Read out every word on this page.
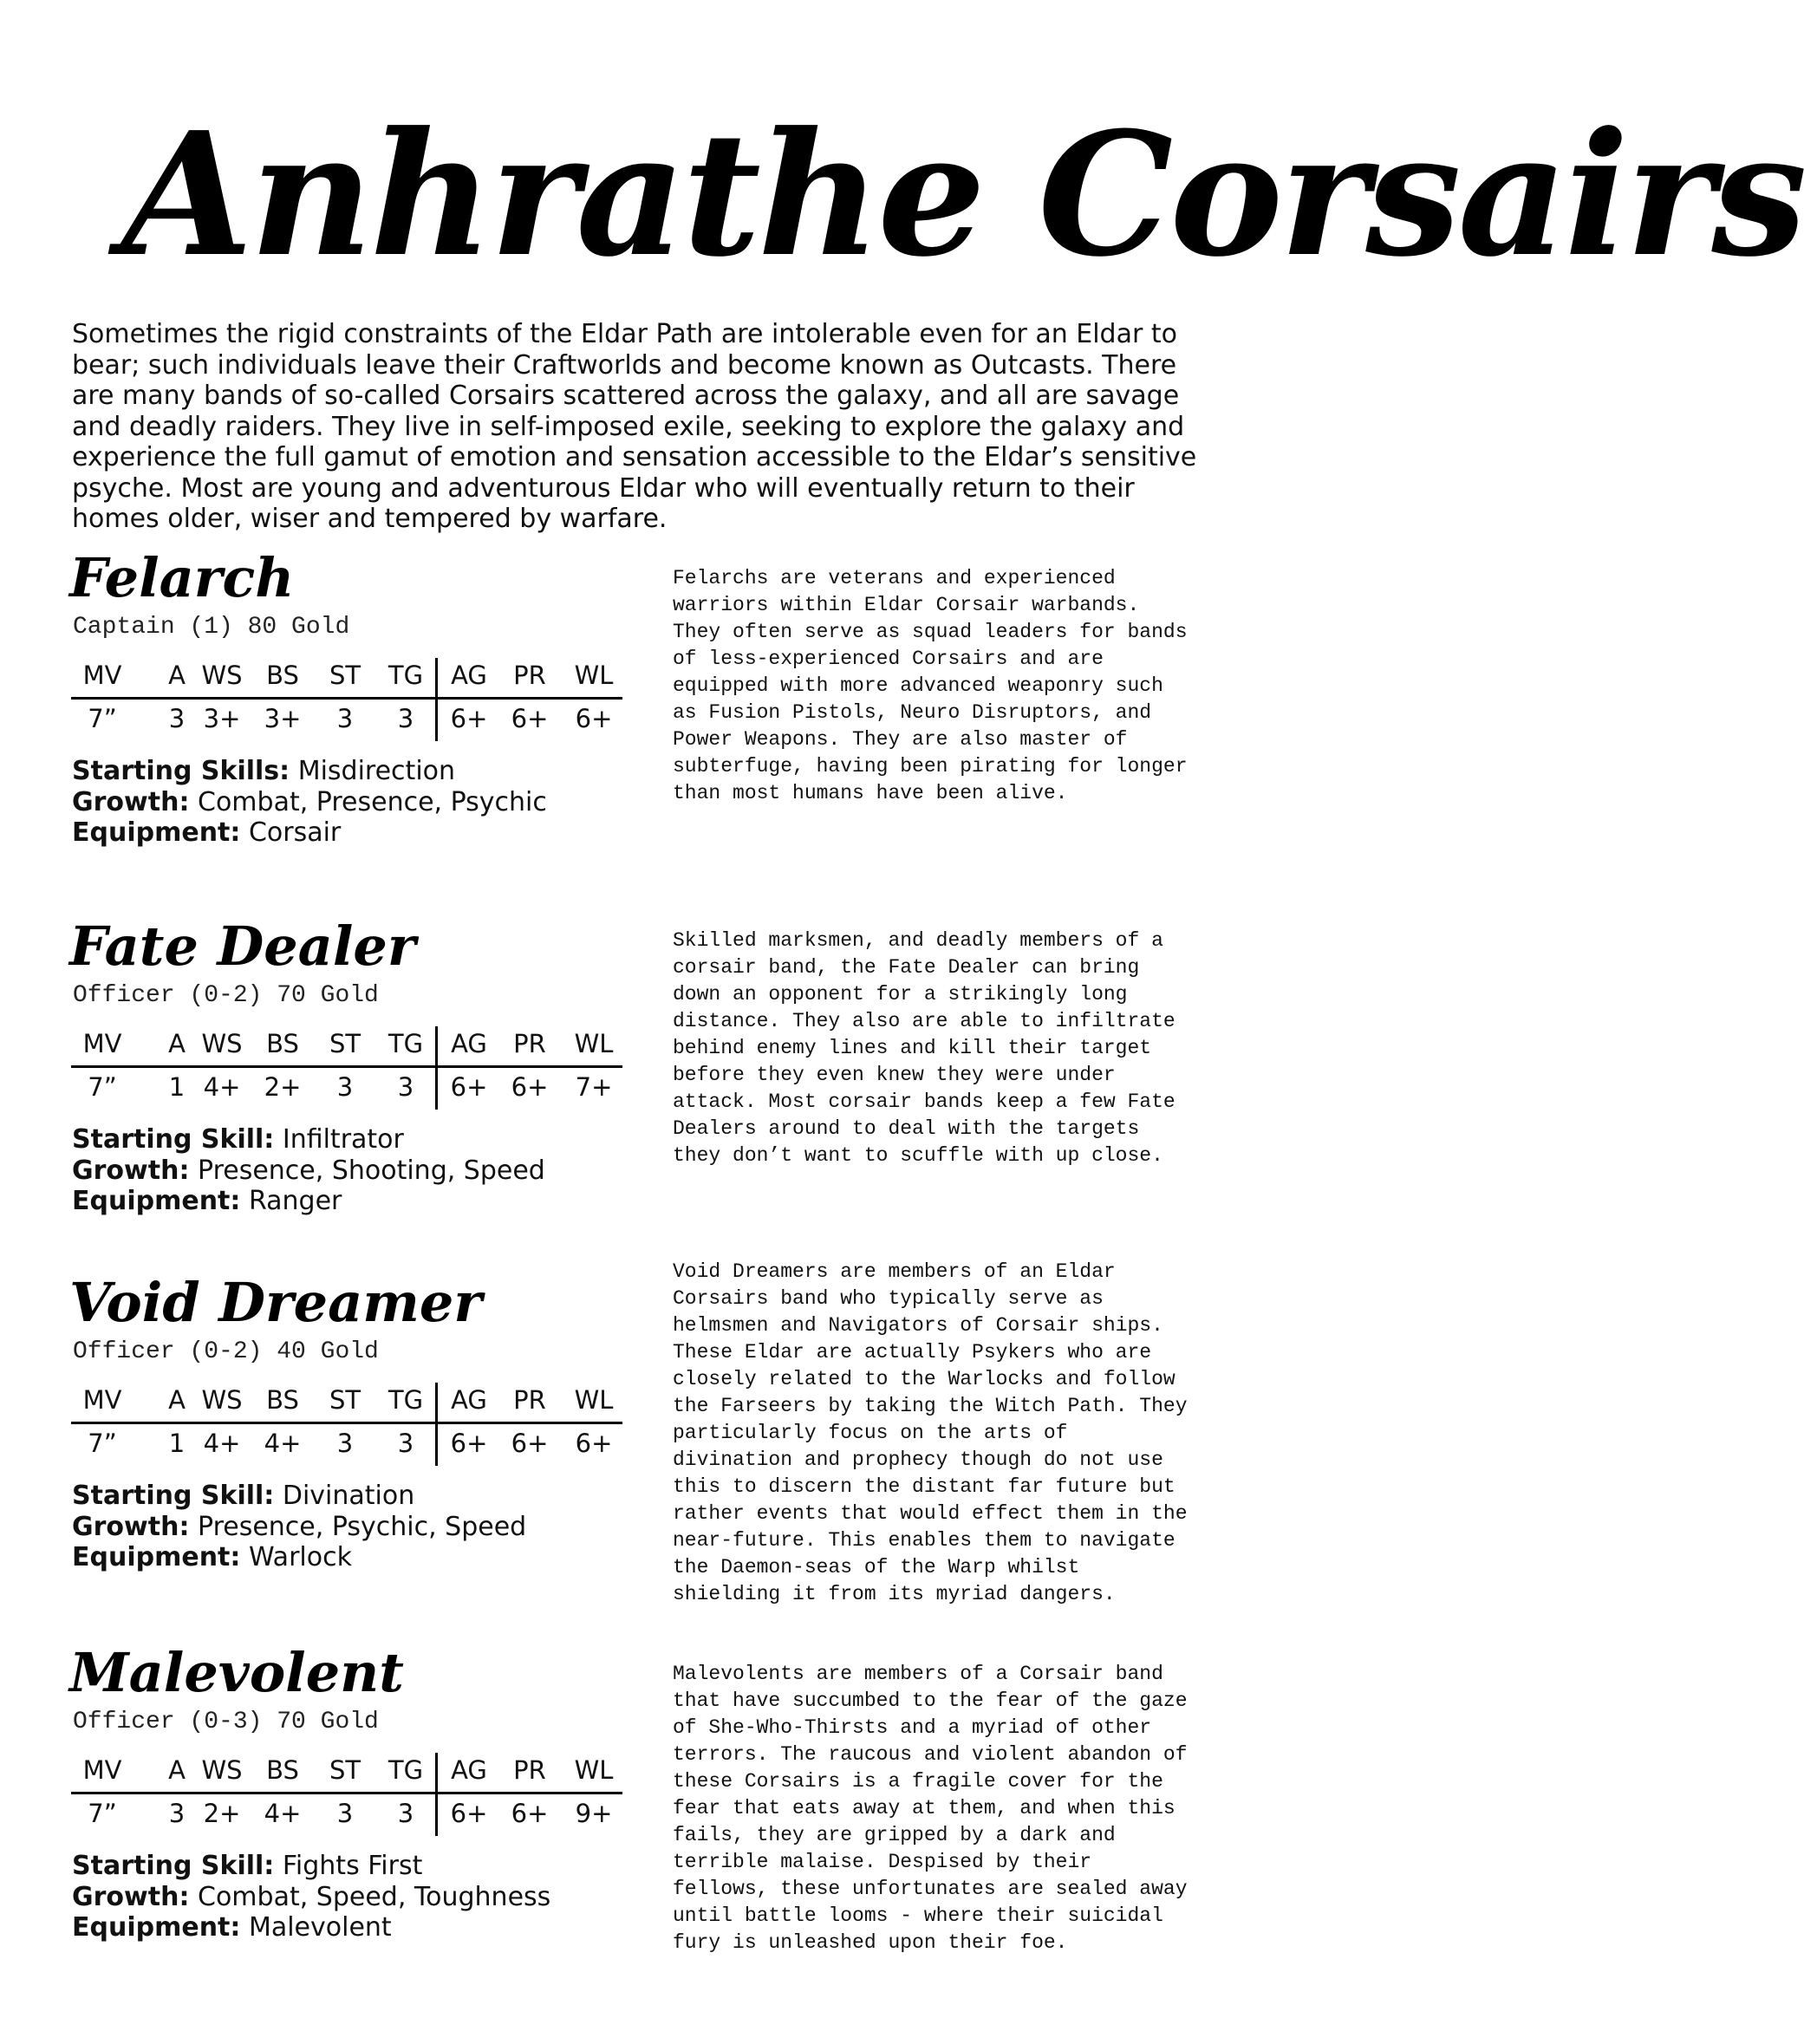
Anhrathe Corsairs

Sometimes the rigid constraints of the Eldar Path are intolerable even for an Eldar to bear; such individuals leave their Craftworlds and become known as Outcasts. There are many bands of so-called Corsairs scattered across the galaxy, and all are savage and deadly raiders. They live in self-imposed exile, seeking to explore the galaxy and experience the full gamut of emotion and sensation accessible to the Eldar’s sensitive psyche. Most are young and adventurous Eldar who will eventually return to their homes older, wiser and tempered by warfare.

Felarch
Captain (1) 80 Gold
MV	A WS BS	ST	TG	AG	PR	WL
7”	3 3+ 3+	3	3	6+ 6+	6+
Starting Skills: Misdirection
Growth: Combat, Presence, Psychic
Equipment: Corsair

Felarchs are veterans and experienced warriors within Eldar Corsair warbands. They often serve as squad leaders for bands of less-experienced Corsairs and are equipped with more advanced weaponry such as Fusion Pistols, Neuro Disruptors, and Power Weapons. They are also master of subterfuge, having been pirating for longer than most humans have been alive.

Fate Dealer
Officer (0-2) 70 Gold
MV	A WS BS	ST	TG	AG	PR	WL
7”	1 4+ 2+	3	3	6+ 6+	7+
Starting Skill: Infiltrator
Growth: Presence, Shooting, Speed
Equipment: Ranger

Skilled marksmen, and deadly members of a corsair band, the Fate Dealer can bring down an opponent for a strikingly long distance. They also are able to infiltrate behind enemy lines and kill their target before they even knew they were under attack. Most corsair bands keep a few Fate Dealers around to deal with the targets they don’t want to scuffle with up close.

Void Dreamer
Officer (0-2) 40 Gold
MV	A WS BS	ST	TG	AG	PR	WL
7”	1 4+ 4+	3	3	6+ 6+	6+
Starting Skill: Divination
Growth: Presence, Psychic, Speed
Equipment: Warlock

Void Dreamers are members of an Eldar Corsairs band who typically serve as helmsmen and Navigators of Corsair ships. These Eldar are actually Psykers who are closely related to the Warlocks and follow the Farseers by taking the Witch Path. They particularly focus on the arts of divination and prophecy though do not use this to discern the distant far future but rather events that would effect them in the near-future. This enables them to navigate the Daemon-seas of the Warp whilst shielding it from its myriad dangers.

Malevolent
Officer (0-3) 70 Gold
MV	A WS BS	ST	TG	AG	PR	WL
7”	3 2+ 4+	3	3	6+ 6+	9+
Starting Skill: Fights First
Growth: Combat, Speed, Toughness
Equipment: Malevolent

Malevolents are members of a Corsair band that have succumbed to the fear of the gaze of She-Who-Thirsts and a myriad of other terrors. The raucous and violent abandon of these Corsairs is a fragile cover for the fear that eats away at them, and when this fails, they are gripped by a dark and terrible malaise. Despised by their fellows, these unfortunates are sealed away until battle looms - where their suicidal fury is unleashed upon their foe.
